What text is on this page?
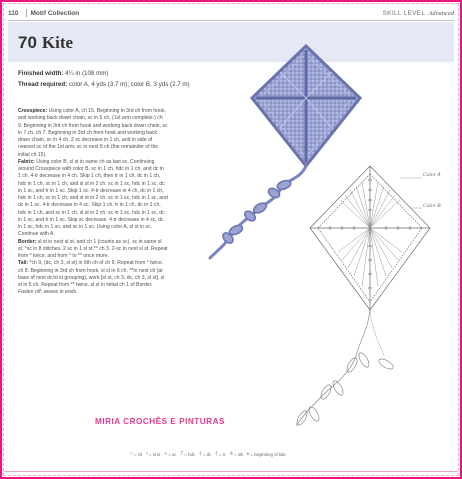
110 Motif Collection	SKILL LEVEL Advanced
70 Kite
Finished width: 4¼ in (108 mm)
Thread required: color A, 4 yds (3.7 m); color B, 3 yds (2.7 m)

Crosspiece: Using color A, ch 15. Beginning in 3rd ch from hook, and working back down chain, sc in 5 ch, (1st arm complete.) ch 9. Beginning in 3rd ch from hook and working back down chain, sc in 7 ch. ch 7. Beginning in 3rd ch from hook and working back down chain, sc in 4 ch. 2 sc decrease in 1 ch, and in side of nearest sc of the 1st arm, sc in next 8 ch (the remainder of the initial ch 15).

Fabric: Using color B, sl st in same ch as last sc. Continuing around Crosspiece with color B, sc in 1 ch, hdc in 1 ch, and dc in 1 ch. 4-tr decrease in 4 ch. Skip 1 ch, then tr in 1 ch, dc in 1 ch, hdc in 1 ch, sc in 1 ch, and sl st in 2 ch. sc in 1 sc, hdc in 1 sc, dc in 1 sc, and tr in 1 sc. Skip 1 sc. 4-tr decrease in 4 ch, dc in 1 ch, hdc in 1 ch, sc in 1 ch, and sl st in 2 ch. sc in 1 sc, hdc in 1 sc, and dc in 1 sc. 4-tr decrease in 4 sc. Skip 1 ch. tr in 1 ch, dc in 1 ch, hdc in 1 ch, and sc in 1 ch, sl st in 2 ch. sc in 1 sc, hdc in 1 sc, dc in 1 sc, and tr in 1 sc. Skip sc decrease. 4-tr decrease in 4 sc, dc in 1 sc, hdc in 1 sc, and sc in 1 sc. Using color A, sl st in sc. Continue with A.

Border: sl st in next sl st, and ch 1 (counts as sc). sc in same sl st. *sc in 8 stitches. 2 sc in 1 sl st.** ch 3. 2-sc in next sl st. Repeat from * twice, and from * to ** once more.

Tail: *ch 9, (dc, ch 3, sl st) in 6th ch of ch 9. Repeat from * twice. ch 8. Beginning in 3rd ch from hook, sl st in 6 ch. **In next ch (at base of next dc/sl st grouping), work [sl st, ch 3, dc, ch 3, sl st]. sl st in 5 ch. Repeat from ** twice. sl st in initial ch 1 of Border. Fasten off, weave in ends.

Color A
Color B
MIRIA CROCHÊS E PINTURAS
○ = ch • = sl st + = sc T = hdc ‡ = dc ‡ = tr ⋔ = dtr ▸ = beginning of kite
